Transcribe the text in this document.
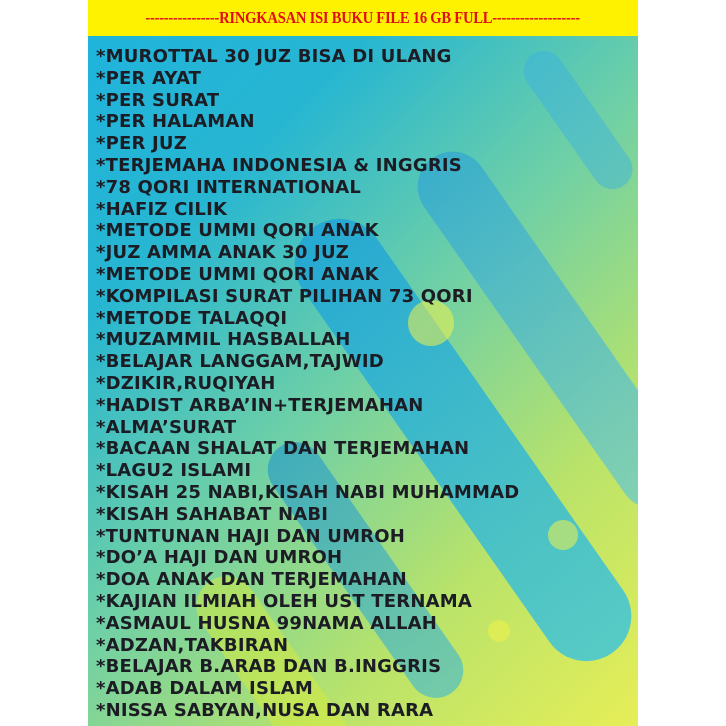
----------------RINGKASAN ISI BUKU FILE 16 GB FULL-------------------
*MUROTTAL 30 JUZ BISA DI ULANG
*PER AYAT
*PER SURAT
*PER HALAMAN
*PER JUZ
*TERJEMAHA INDONESIA & INGGRIS
*78 QORI INTERNATIONAL
*HAFIZ CILIK
*METODE UMMI QORI ANAK
*JUZ AMMA ANAK 30 JUZ
*METODE UMMI QORI ANAK
*KOMPILASI SURAT PILIHAN 73 QORI
*METODE TALAQQI
*MUZAMMIL HASBALLAH
*BELAJAR LANGGAM,TAJWID
*DZIKIR,RUQIYAH
*HADIST ARBA’IN+TERJEMAHAN
*ALMA’SURAT
*BACAAN SHALAT DAN TERJEMAHAN
*LAGU2 ISLAMI
*KISAH 25 NABI,KISAH NABI MUHAMMAD
*KISAH SAHABAT NABI
*TUNTUNAN HAJI DAN UMROH
*DO’A HAJI DAN UMROH
*DOA ANAK DAN TERJEMAHAN
*KAJIAN ILMIAH OLEH UST TERNAMA
*ASMAUL HUSNA 99NAMA ALLAH
*ADZAN,TAKBIRAN
*BELAJAR B.ARAB DAN B.INGGRIS
*ADAB DALAM ISLAM
*NISSA SABYAN,NUSA DAN RARA
